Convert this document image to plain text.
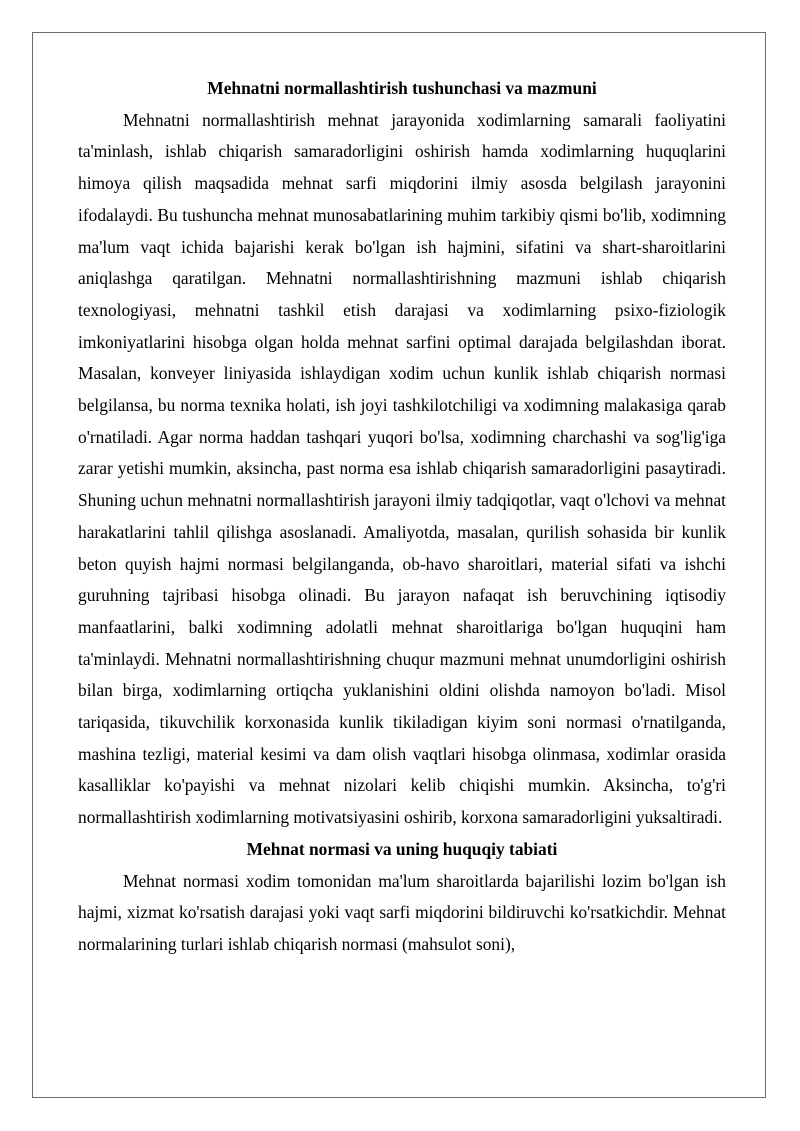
Mehnatni normallashtirish tushunchasi va mazmuni

Mehnatni normallashtirish mehnat jarayonida xodimlarning samarali faoliyatini ta'minlash, ishlab chiqarish samaradorligini oshirish hamda xodimlarning huquqlarini himoya qilish maqsadida mehnat sarfi miqdorini ilmiy asosda belgilash jarayonini ifodalaydi. Bu tushuncha mehnat munosabatlarining muhim tarkibiy qismi bo'lib, xodimning ma'lum vaqt ichida bajarishi kerak bo'lgan ish hajmini, sifatini va shart-sharoitlarini aniqlashga qaratilgan. Mehnatni normallashtirishning mazmuni ishlab chiqarish texnologiyasi, mehnatni tashkil etish darajasi va xodimlarning psixo-fiziologik imkoniyatlarini hisobga olgan holda mehnat sarfini optimal darajada belgilashdan iborat. Masalan, konveyer liniyasida ishlaydigan xodim uchun kunlik ishlab chiqarish normasi belgilansa, bu norma texnika holati, ish joyi tashkilotchiligi va xodimning malakasiga qarab o'rnatiladi. Agar norma haddan tashqari yuqori bo'lsa, xodimning charchashi va sog'lig'iga zarar yetishi mumkin, aksincha, past norma esa ishlab chiqarish samaradorligini pasaytiradi. Shuning uchun mehnatni normallashtirish jarayoni ilmiy tadqiqotlar, vaqt o'lchovi va mehnat harakatlarini tahlil qilishga asoslanadi. Amaliyotda, masalan, qurilish sohasida bir kunlik beton quyish hajmi normasi belgilanganda, ob-havo sharoitlari, material sifati va ishchi guruhning tajribasi hisobga olinadi. Bu jarayon nafaqat ish beruvchining iqtisodiy manfaatlarini, balki xodimning adolatli mehnat sharoitlariga bo'lgan huquqini ham ta'minlaydi. Mehnatni normallashtirishning chuqur mazmuni mehnat unumdorligini oshirish bilan birga, xodimlarning ortiqcha yuklanishini oldini olishda namoyon bo'ladi. Misol tariqasida, tikuvchilik korxonasida kunlik tikiladigan kiyim soni normasi o'rnatilganda, mashina tezligi, material kesimi va dam olish vaqtlari hisobga olinmasa, xodimlar orasida kasalliklar ko'payishi va mehnat nizolari kelib chiqishi mumkin. Aksincha, to'g'ri normallashtirish xodimlarning motivatsiyasini oshirib, korxona samaradorligini yuksaltiradi.

Mehnat normasi va uning huquqiy tabiati

Mehnat normasi xodim tomonidan ma'lum sharoitlarda bajarilishi lozim bo'lgan ish hajmi, xizmat ko'rsatish darajasi yoki vaqt sarfi miqdorini bildiruvchi ko'rsatkichdir. Mehnat normalarining turlari ishlab chiqarish normasi (mahsulot soni),
